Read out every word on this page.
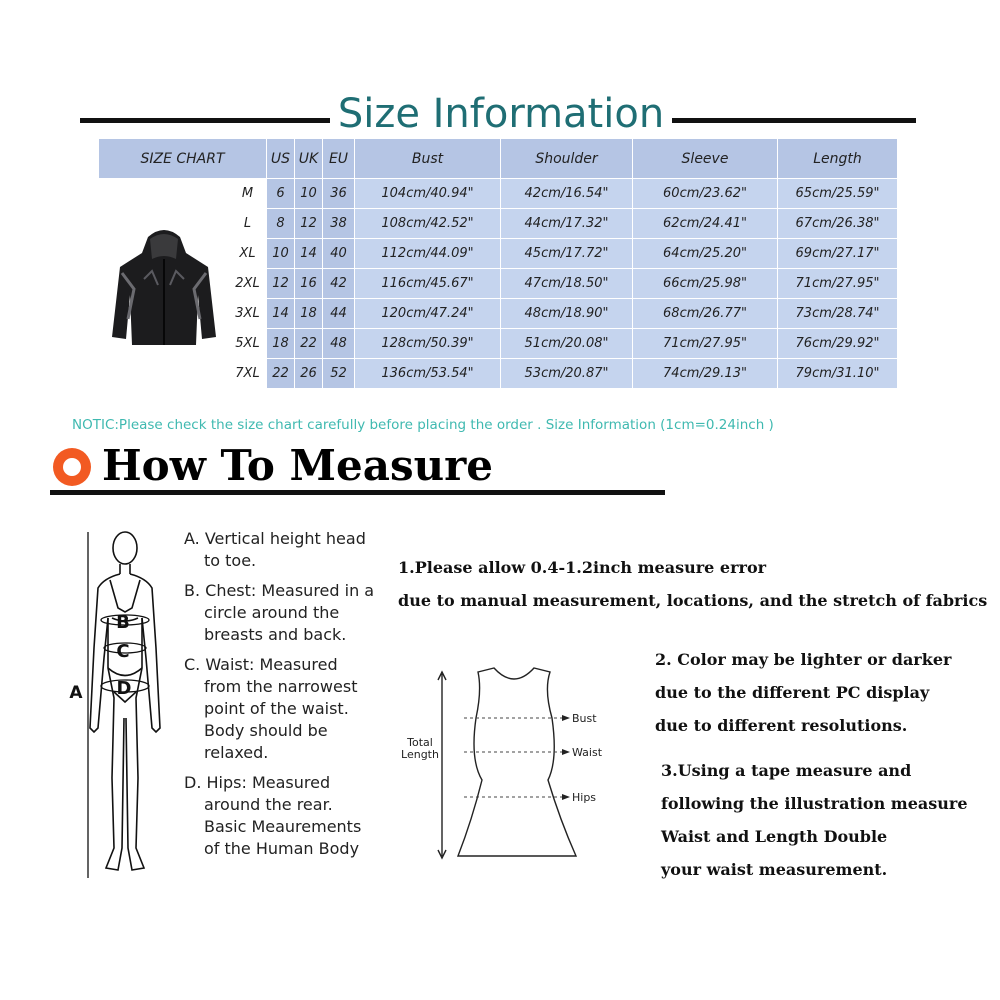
Size Information
SIZE CHART		US	UK	EU	Bust	Shoulder	Sleeve	Length

	M	6	10	36	104cm/40.94"	42cm/16.54"	60cm/23.62"	65cm/25.59"
	L	8	12	38	108cm/42.52"	44cm/17.32"	62cm/24.41"	67cm/26.38"
	XL	10	14	40	112cm/44.09"	45cm/17.72"	64cm/25.20"	69cm/27.17"
	2XL	12	16	42	116cm/45.67"	47cm/18.50"	66cm/25.98"	71cm/27.95"
	3XL	14	18	44	120cm/47.24"	48cm/18.90"	68cm/26.77"	73cm/28.74"
	5XL	18	22	48	128cm/50.39"	51cm/20.08"	71cm/27.95"	76cm/29.92"
	7XL	22	26	52	136cm/53.54"	53cm/20.87"	74cm/29.13"	79cm/31.10"
NOTIC:Please check the size chart carefully before placing the order . Size Information (1cm=0.24inch )
How To Measure
B
C
D
A

A. Vertical height head

to toe.

B. Chest: Measured in a

circle around the
breasts and back.

C. Waist: Measured

from the narrowest
point of the waist.
Body should be
relaxed.

D. Hips: Measured

around the rear.
Basic Meaurements
of the Human Body

1.Please allow 0.4-1.2inch measure error
due to manual measurement, locations, and the stretch of fabrics
2. Color may be lighter or darker
due to the different PC display
due to different resolutions.
3.Using a tape measure and
following the illustration measure
Waist and Length Double
your waist measurement.
Total
Length
Bust
Waist
Hips
